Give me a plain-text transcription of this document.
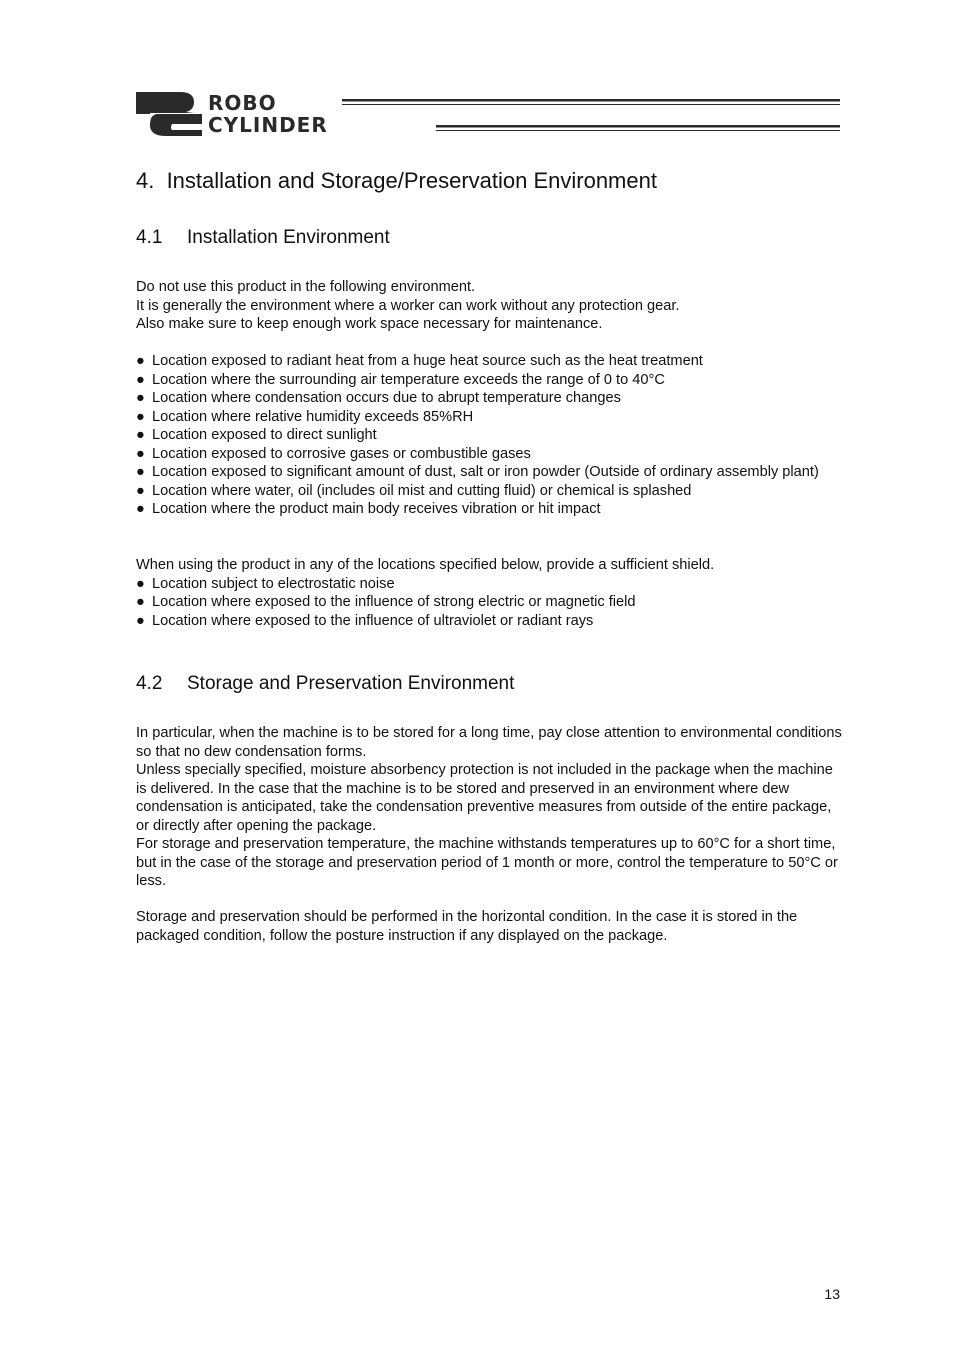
ROBO
CYLINDER
4.  Installation and Storage/Preservation Environment
4.1 Installation Environment

Do not use this product in the following environment.

It is generally the environment where a worker can work without any protection gear.

Also make sure to keep enough work space necessary for maintenance.

● Location exposed to radiant heat from a huge heat source such as the heat treatment
● Location where the surrounding air temperature exceeds the range of 0 to 40°C
● Location where condensation occurs due to abrupt temperature changes
● Location where relative humidity exceeds 85%RH
● Location exposed to direct sunlight
● Location exposed to corrosive gases or combustible gases
● Location exposed to significant amount of dust, salt or iron powder (Outside of ordinary assembly plant)
● Location where water, oil (includes oil mist and cutting fluid) or chemical is splashed
● Location where the product main body receives vibration or hit impact

When using the product in any of the locations specified below, provide a sufficient shield.

● Location subject to electrostatic noise
● Location where exposed to the influence of strong electric or magnetic field
● Location where exposed to the influence of ultraviolet or radiant rays
4.2 Storage and Preservation Environment

In particular, when the machine is to be stored for a long time, pay close attention to environmental conditions so that no dew condensation forms.

Unless specially specified, moisture absorbency protection is not included in the package when the machine is delivered. In the case that the machine is to be stored and preserved in an environment where dew condensation is anticipated, take the condensation preventive measures from outside of the entire package, or directly after opening the package.

For storage and preservation temperature, the machine withstands temperatures up to 60°C for a short time, but in the case of the storage and preservation period of 1 month or more, control the temperature to 50°C or less.

Storage and preservation should be performed in the horizontal condition. In the case it is stored in the packaged condition, follow the posture instruction if any displayed on the package.

13
